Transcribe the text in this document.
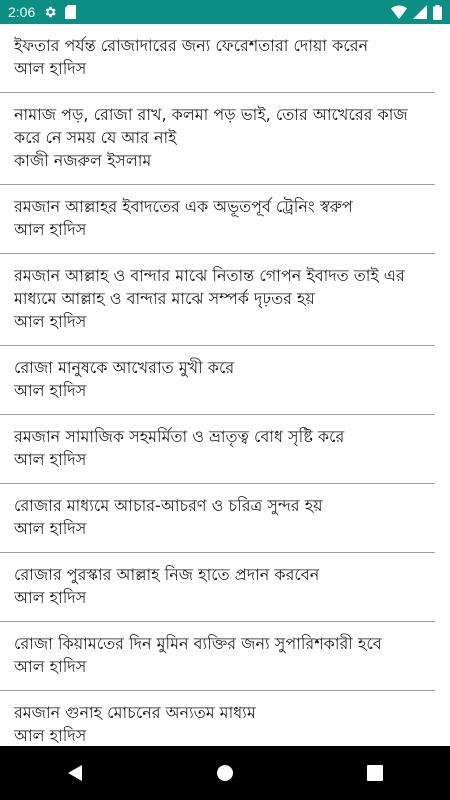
2:06
ইফতার পর্যন্ত রোজাদারের জন্য ফেরেশতারা দোয়া করেন
আল হাদিস
নামাজ পড়, রোজা রাখ, কলমা পড় ভাই, তোর আখেরের কাজ করে নে সময় যে আর নাই
কাজী নজরুল ইসলাম
রমজান আল্লাহর ইবাদতের এক অভূতপূর্ব ট্রেনিং স্বরুপ
আল হাদিস
রমজান আল্লাহ ও বান্দার মাঝে নিতান্ত গোপন ইবাদত তাই এর মাধ্যমে আল্লাহ ও বান্দার মাঝে সম্পর্ক দৃঢ়তর হয়
আল হাদিস
রোজা মানুষকে আখেরাত মুখী করে
আল হাদিস
রমজান সামাজিক সহমর্মিতা ও ভ্রাতৃত্ব বোধ সৃষ্টি করে
আল হাদিস
রোজার মাধ্যমে আচার-আচরণ ও চরিত্র সুন্দর হয়
আল হাদিস
রোজার পুরস্কার আল্লাহ নিজ হাতে প্রদান করবেন
আল হাদিস
রোজা কিয়ামতের দিন মুমিন ব্যক্তির জন্য সুপারিশকারী হবে
আল হাদিস
রমজান গুনাহ মোচনের অন্যতম মাধ্যম
আল হাদিস
